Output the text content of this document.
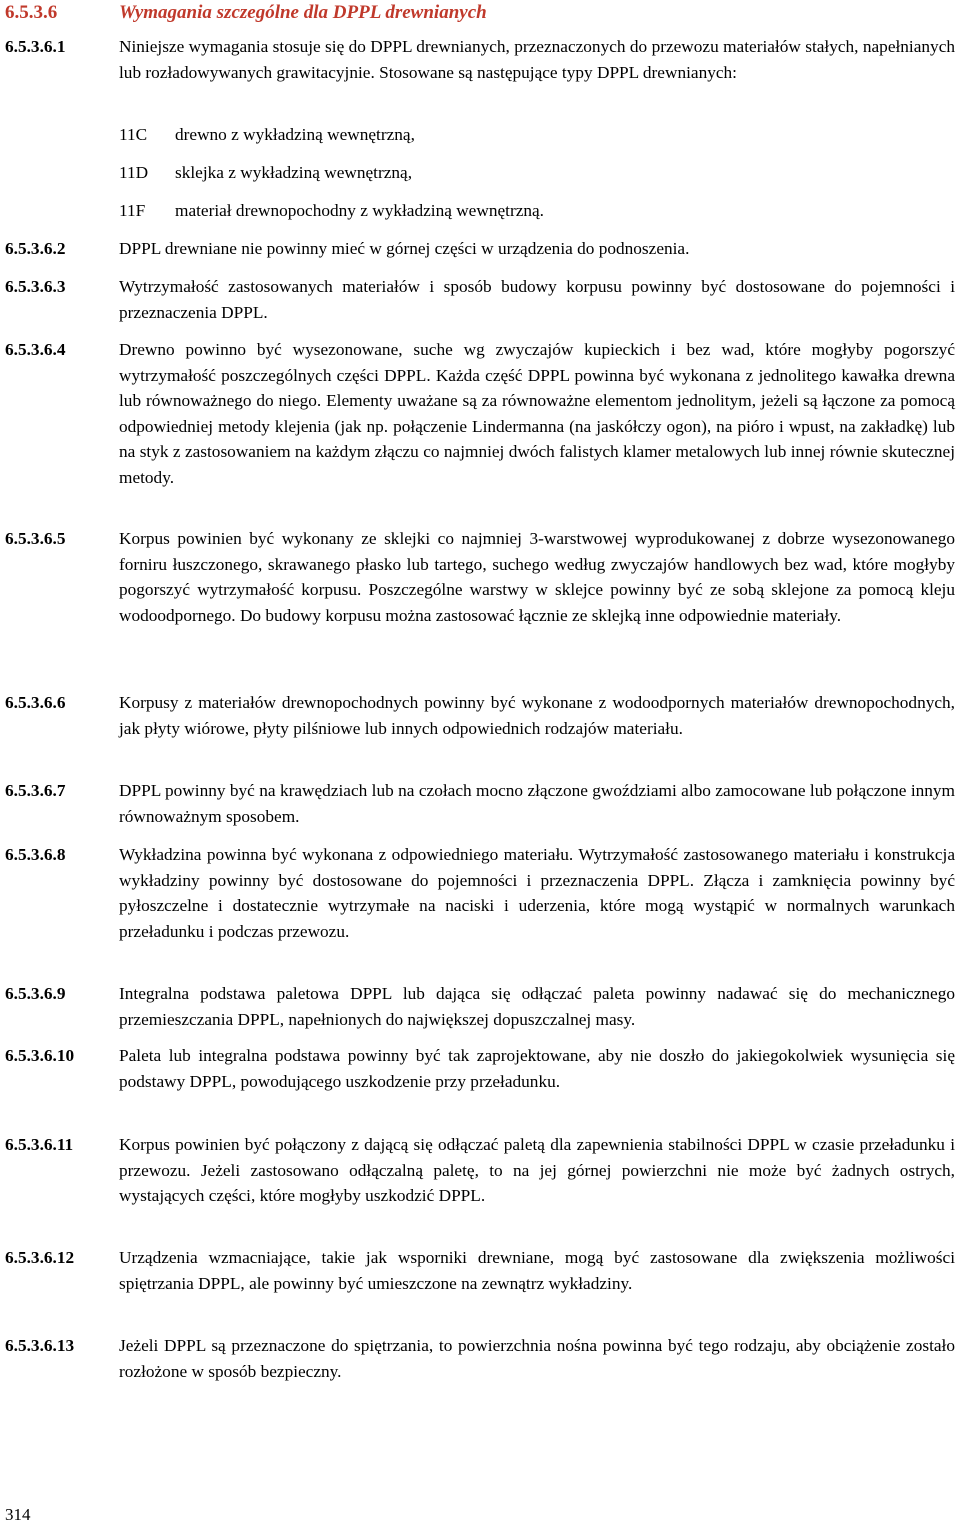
6.5.3.6	Wymagania szczególne dla DPPL drewnianych
6.5.3.6.1	Niniejsze wymagania stosuje się do DPPL drewnianych, przeznaczonych do przewozu materiałów stałych, napełnianych lub rozładowywanych grawitacyjnie. Stosowane są następujące typy DPPL drewnianych:
11C drewno z wykładziną wewnętrzną,
11D sklejka z wykładziną wewnętrzną,
11F materiał drewnopochodny z wykładziną wewnętrzną.
6.5.3.6.2	DPPL drewniane nie powinny mieć w górnej części w urządzenia do podnoszenia.
6.5.3.6.3	Wytrzymałość zastosowanych materiałów i sposób budowy korpusu powinny być dostosowane do pojemności i przeznaczenia DPPL.
6.5.3.6.4	Drewno powinno być wysezonowane, suche wg zwyczajów kupieckich i bez wad, które mogłyby pogorszyć wytrzymałość poszczególnych części DPPL. Każda część DPPL powinna być wykonana z jednolitego kawałka drewna lub równoważnego do niego. Elementy uważane są za równoważne elementom jednolitym, jeżeli są łączone za pomocą odpowiedniej metody klejenia (jak np. połączenie Lindermanna (na jaskółczy ogon), na pióro i wpust, na zakładkę) lub na styk z zastosowaniem na każdym złączu co najmniej dwóch falistych klamer metalowych lub innej równie skutecznej metody.
6.5.3.6.5	Korpus powinien być wykonany ze sklejki co najmniej 3-warstwowej wyprodukowanej z dobrze wysezonowanego forniru łuszczonego, skrawanego płasko lub tartego, suchego według zwyczajów handlowych bez wad, które mogłyby pogorszyć wytrzymałość korpusu. Poszczególne warstwy w sklejce powinny być ze sobą sklejone za pomocą kleju wodoodpornego. Do budowy korpusu można zastosować łącznie ze sklejką inne odpowiednie materiały.
6.5.3.6.6	Korpusy z materiałów drewnopochodnych powinny być wykonane z wodoodpornych materiałów drewnopochodnych, jak płyty wiórowe, płyty pilśniowe lub innych odpowiednich rodzajów materiału.
6.5.3.6.7	DPPL powinny być na krawędziach lub na czołach mocno złączone gwoździami albo zamocowane lub połączone innym równoważnym sposobem.
6.5.3.6.8	Wykładzina powinna być wykonana z odpowiedniego materiału. Wytrzymałość zastosowanego materiału i konstrukcja wykładziny powinny być dostosowane do pojemności i przeznaczenia DPPL. Złącza i zamknięcia powinny być pyłoszczelne i dostatecznie wytrzymałe na naciski i uderzenia, które mogą wystąpić w normalnych warunkach przeładunku i podczas przewozu.
6.5.3.6.9	Integralna podstawa paletowa DPPL lub dająca się odłączać paleta powinny nadawać się do mechanicznego przemieszczania DPPL, napełnionych do największej dopuszczalnej masy.
6.5.3.6.10	Paleta lub integralna podstawa powinny być tak zaprojektowane, aby nie doszło do jakiegokolwiek wysunięcia się podstawy DPPL, powodującego uszkodzenie przy przeładunku.
6.5.3.6.11	Korpus powinien być połączony z dającą się odłączać paletą dla zapewnienia stabilności DPPL w czasie przeładunku i przewozu. Jeżeli zastosowano odłączalną paletę, to na jej górnej powierzchni nie może być żadnych ostrych, wystających części, które mogłyby uszkodzić DPPL.
6.5.3.6.12	Urządzenia wzmacniające, takie jak wsporniki drewniane, mogą być zastosowane dla zwiększenia możliwości spiętrzania DPPL, ale powinny być umieszczone na zewnątrz wykładziny.
6.5.3.6.13	Jeżeli DPPL są przeznaczone do spiętrzania, to powierzchnia nośna powinna być tego rodzaju, aby obciążenie zostało rozłożone w sposób bezpieczny.
314
